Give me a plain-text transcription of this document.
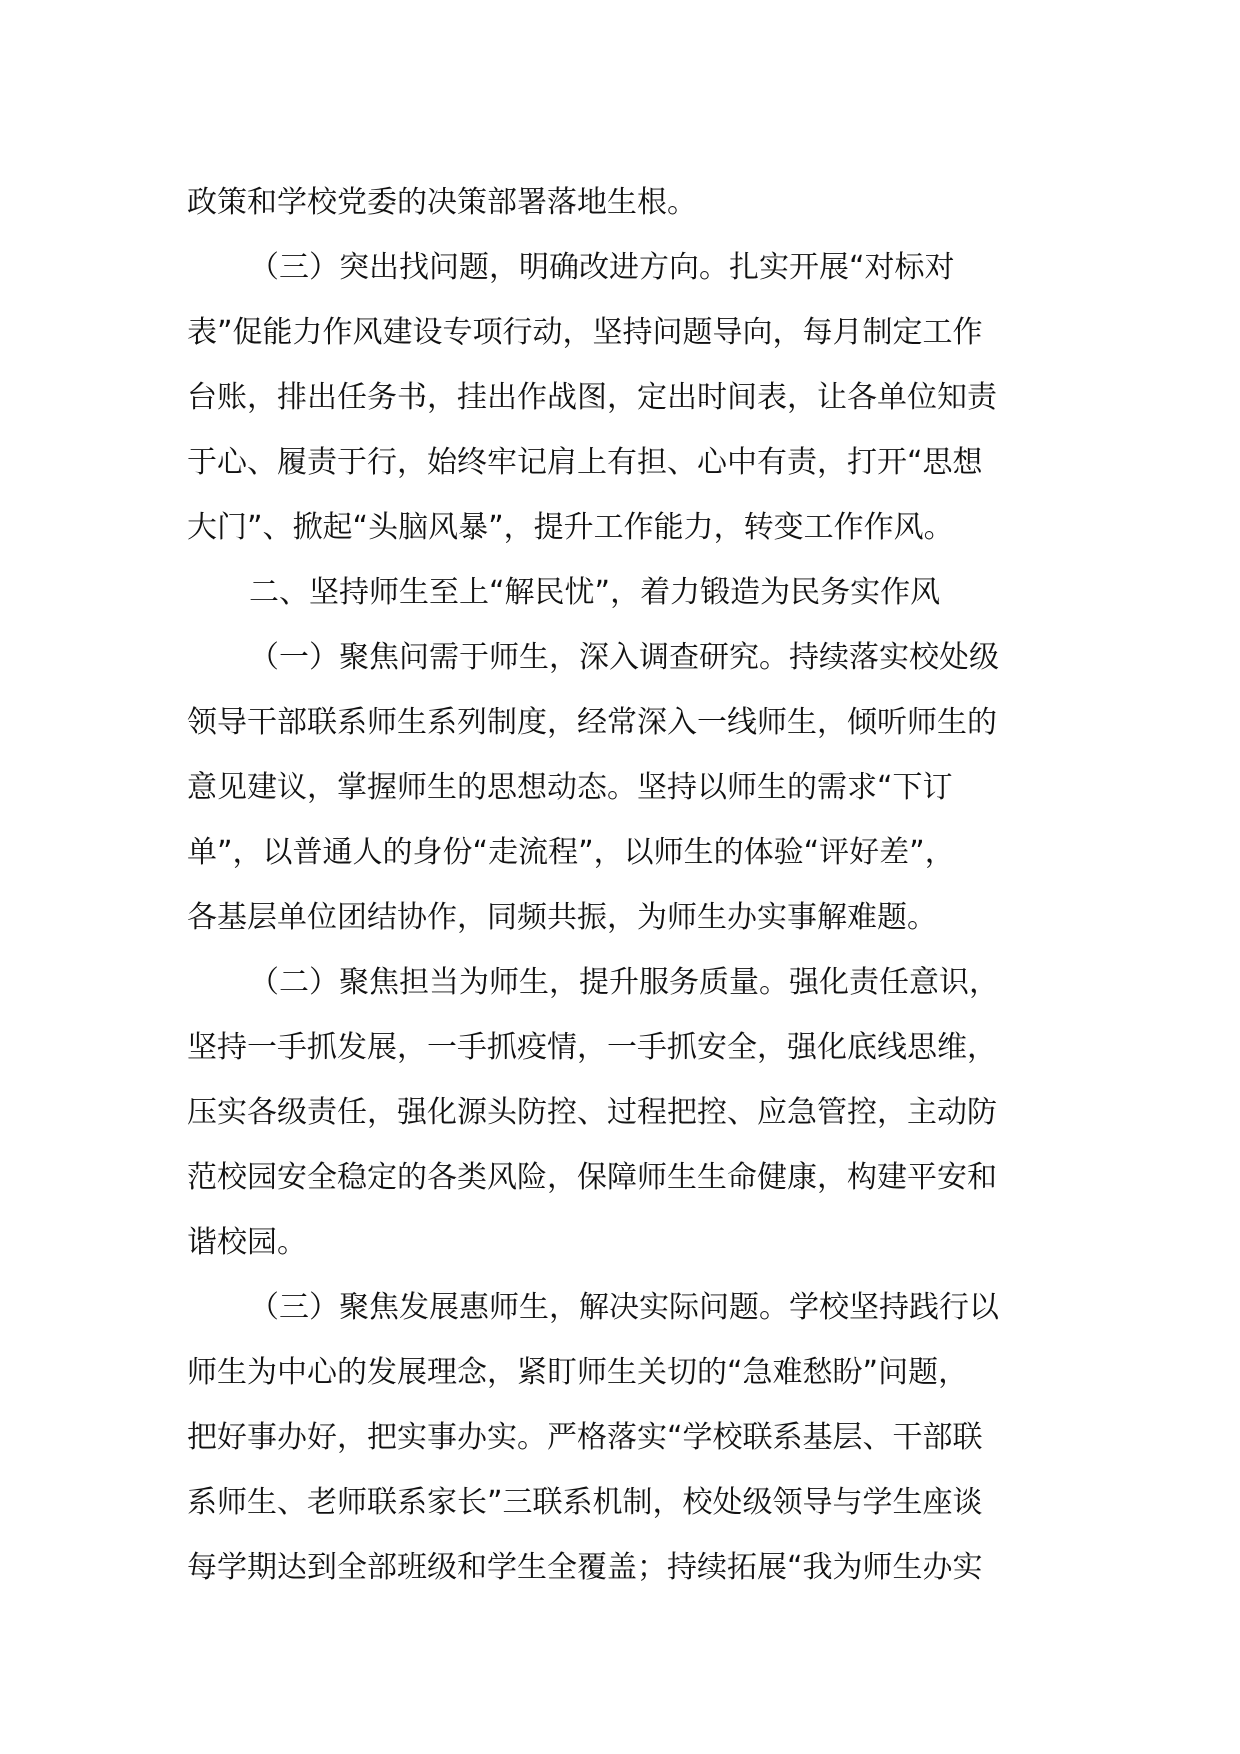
政策和学校党委的决策部署落地生根。
（三）突出找问题，明确改进方向。扎实开展“对标对
表”促能力作风建设专项行动，坚持问题导向，每月制定工作
台账，排出任务书，挂出作战图，定出时间表，让各单位知责
于心、履责于行，始终牢记肩上有担、心中有责，打开“思想
大门”、掀起“头脑风暴”，提升工作能力，转变工作作风。
二、坚持师生至上“解民忧”，着力锻造为民务实作风
（一）聚焦问需于师生，深入调查研究。持续落实校处级
领导干部联系师生系列制度，经常深入一线师生，倾听师生的
意见建议，掌握师生的思想动态。坚持以师生的需求“下订
单”，以普通人的身份“走流程”，以师生的体验“评好差”，
各基层单位团结协作，同频共振，为师生办实事解难题。
（二）聚焦担当为师生，提升服务质量。强化责任意识，
坚持一手抓发展，一手抓疫情，一手抓安全，强化底线思维，
压实各级责任，强化源头防控、过程把控、应急管控，主动防
范校园安全稳定的各类风险，保障师生生命健康，构建平安和
谐校园。
（三）聚焦发展惠师生，解决实际问题。学校坚持践行以
师生为中心的发展理念，紧盯师生关切的“急难愁盼”问题，
把好事办好，把实事办实。严格落实“学校联系基层、干部联
系师生、老师联系家长”三联系机制，校处级领导与学生座谈
每学期达到全部班级和学生全覆盖；持续拓展“我为师生办实
